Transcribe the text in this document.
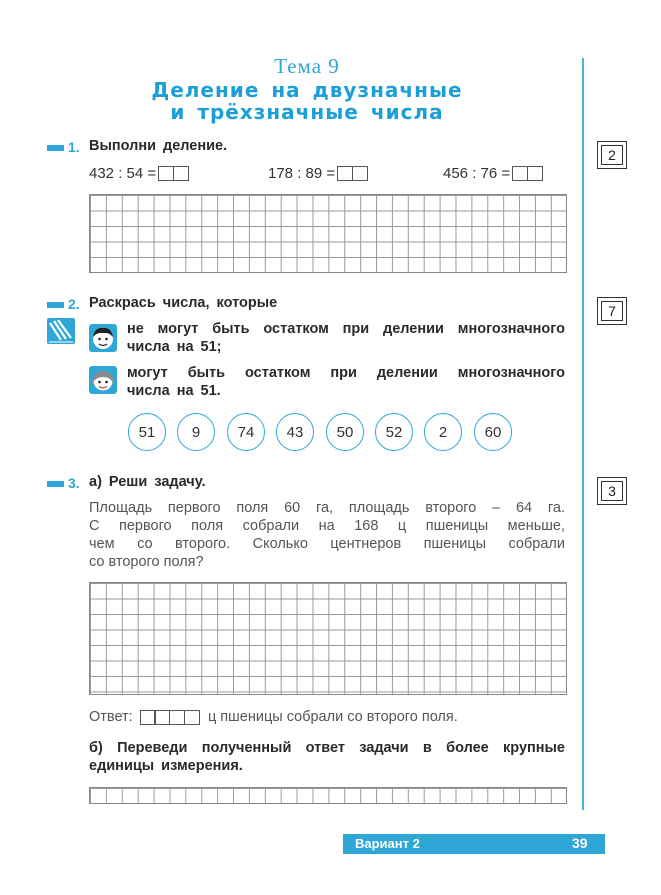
Тема 9
Деление на двузначные
и трёхзначные числа
1. Выполни деление.
2
432 : 54 =	178 : 89 =	456 : 76 =
2. Раскрась числа, которые	7
не могут быть остатком при делении многозначного
числа на 51;
могут быть остатком при делении многозначного
числа на 51.
51	9	74	43	50	52	2	60
3. а) Реши задачу.
3
Площадь первого поля 60 га, площадь второго – 64 га.
С первого поля собрали на 168 ц пшеницы меньше,
чем со второго. Сколько центнеров пшеницы собрали
со второго поля?
Ответ:	ц пшеницы собрали со второго поля.
б) Переведи полученный ответ задачи в более крупные
единицы измерения.
Вариант 2	39
